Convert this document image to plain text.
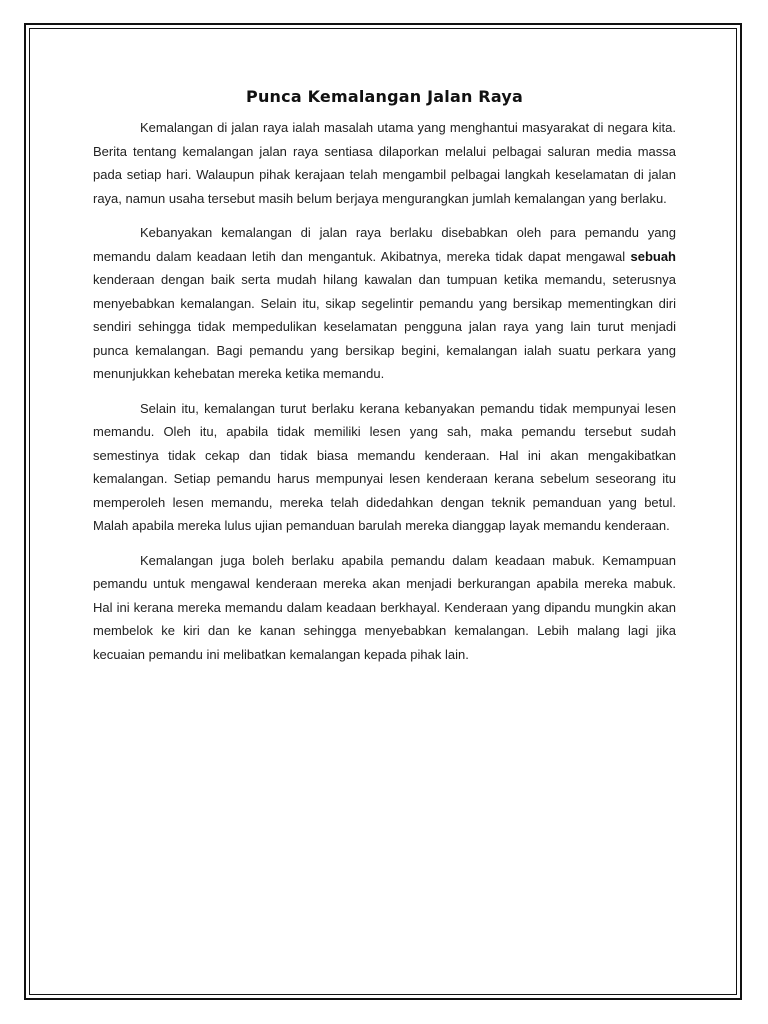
Punca Kemalangan Jalan Raya

Kemalangan di jalan raya ialah masalah utama yang menghantui masyarakat di negara kita. Berita tentang kemalangan jalan raya sentiasa dilaporkan melalui pelbagai saluran media massa pada setiap hari. Walaupun pihak kerajaan telah mengambil pelbagai langkah keselamatan di jalan raya, namun usaha tersebut masih belum berjaya mengurangkan jumlah kemalangan yang berlaku.

Kebanyakan kemalangan di jalan raya berlaku disebabkan oleh para pemandu yang memandu dalam keadaan letih dan mengantuk. Akibatnya, mereka tidak dapat mengawal sebuah kenderaan dengan baik serta mudah hilang kawalan dan tumpuan ketika memandu, seterusnya menyebabkan kemalangan. Selain itu, sikap segelintir pemandu yang bersikap mementingkan diri sendiri sehingga tidak mempedulikan keselamatan pengguna jalan raya yang lain turut menjadi punca kemalangan. Bagi pemandu yang bersikap begini, kemalangan ialah suatu perkara yang menunjukkan kehebatan mereka ketika memandu.

Selain itu, kemalangan turut berlaku kerana kebanyakan pemandu tidak mempunyai lesen memandu. Oleh itu, apabila tidak memiliki lesen yang sah, maka pemandu tersebut sudah semestinya tidak cekap dan tidak biasa memandu kenderaan. Hal ini akan mengakibatkan kemalangan. Setiap pemandu harus mempunyai lesen kenderaan kerana sebelum seseorang itu memperoleh lesen memandu, mereka telah didedahkan dengan teknik pemanduan yang betul. Malah apabila mereka lulus ujian pemanduan barulah mereka dianggap layak memandu kenderaan.

Kemalangan juga boleh berlaku apabila pemandu dalam keadaan mabuk. Kemampuan pemandu untuk mengawal kenderaan mereka akan menjadi berkurangan apabila mereka mabuk. Hal ini kerana mereka memandu dalam keadaan berkhayal. Kenderaan yang dipandu mungkin akan membelok ke kiri dan ke kanan sehingga menyebabkan kemalangan. Lebih malang lagi jika kecuaian pemandu ini melibatkan kemalangan kepada pihak lain.
